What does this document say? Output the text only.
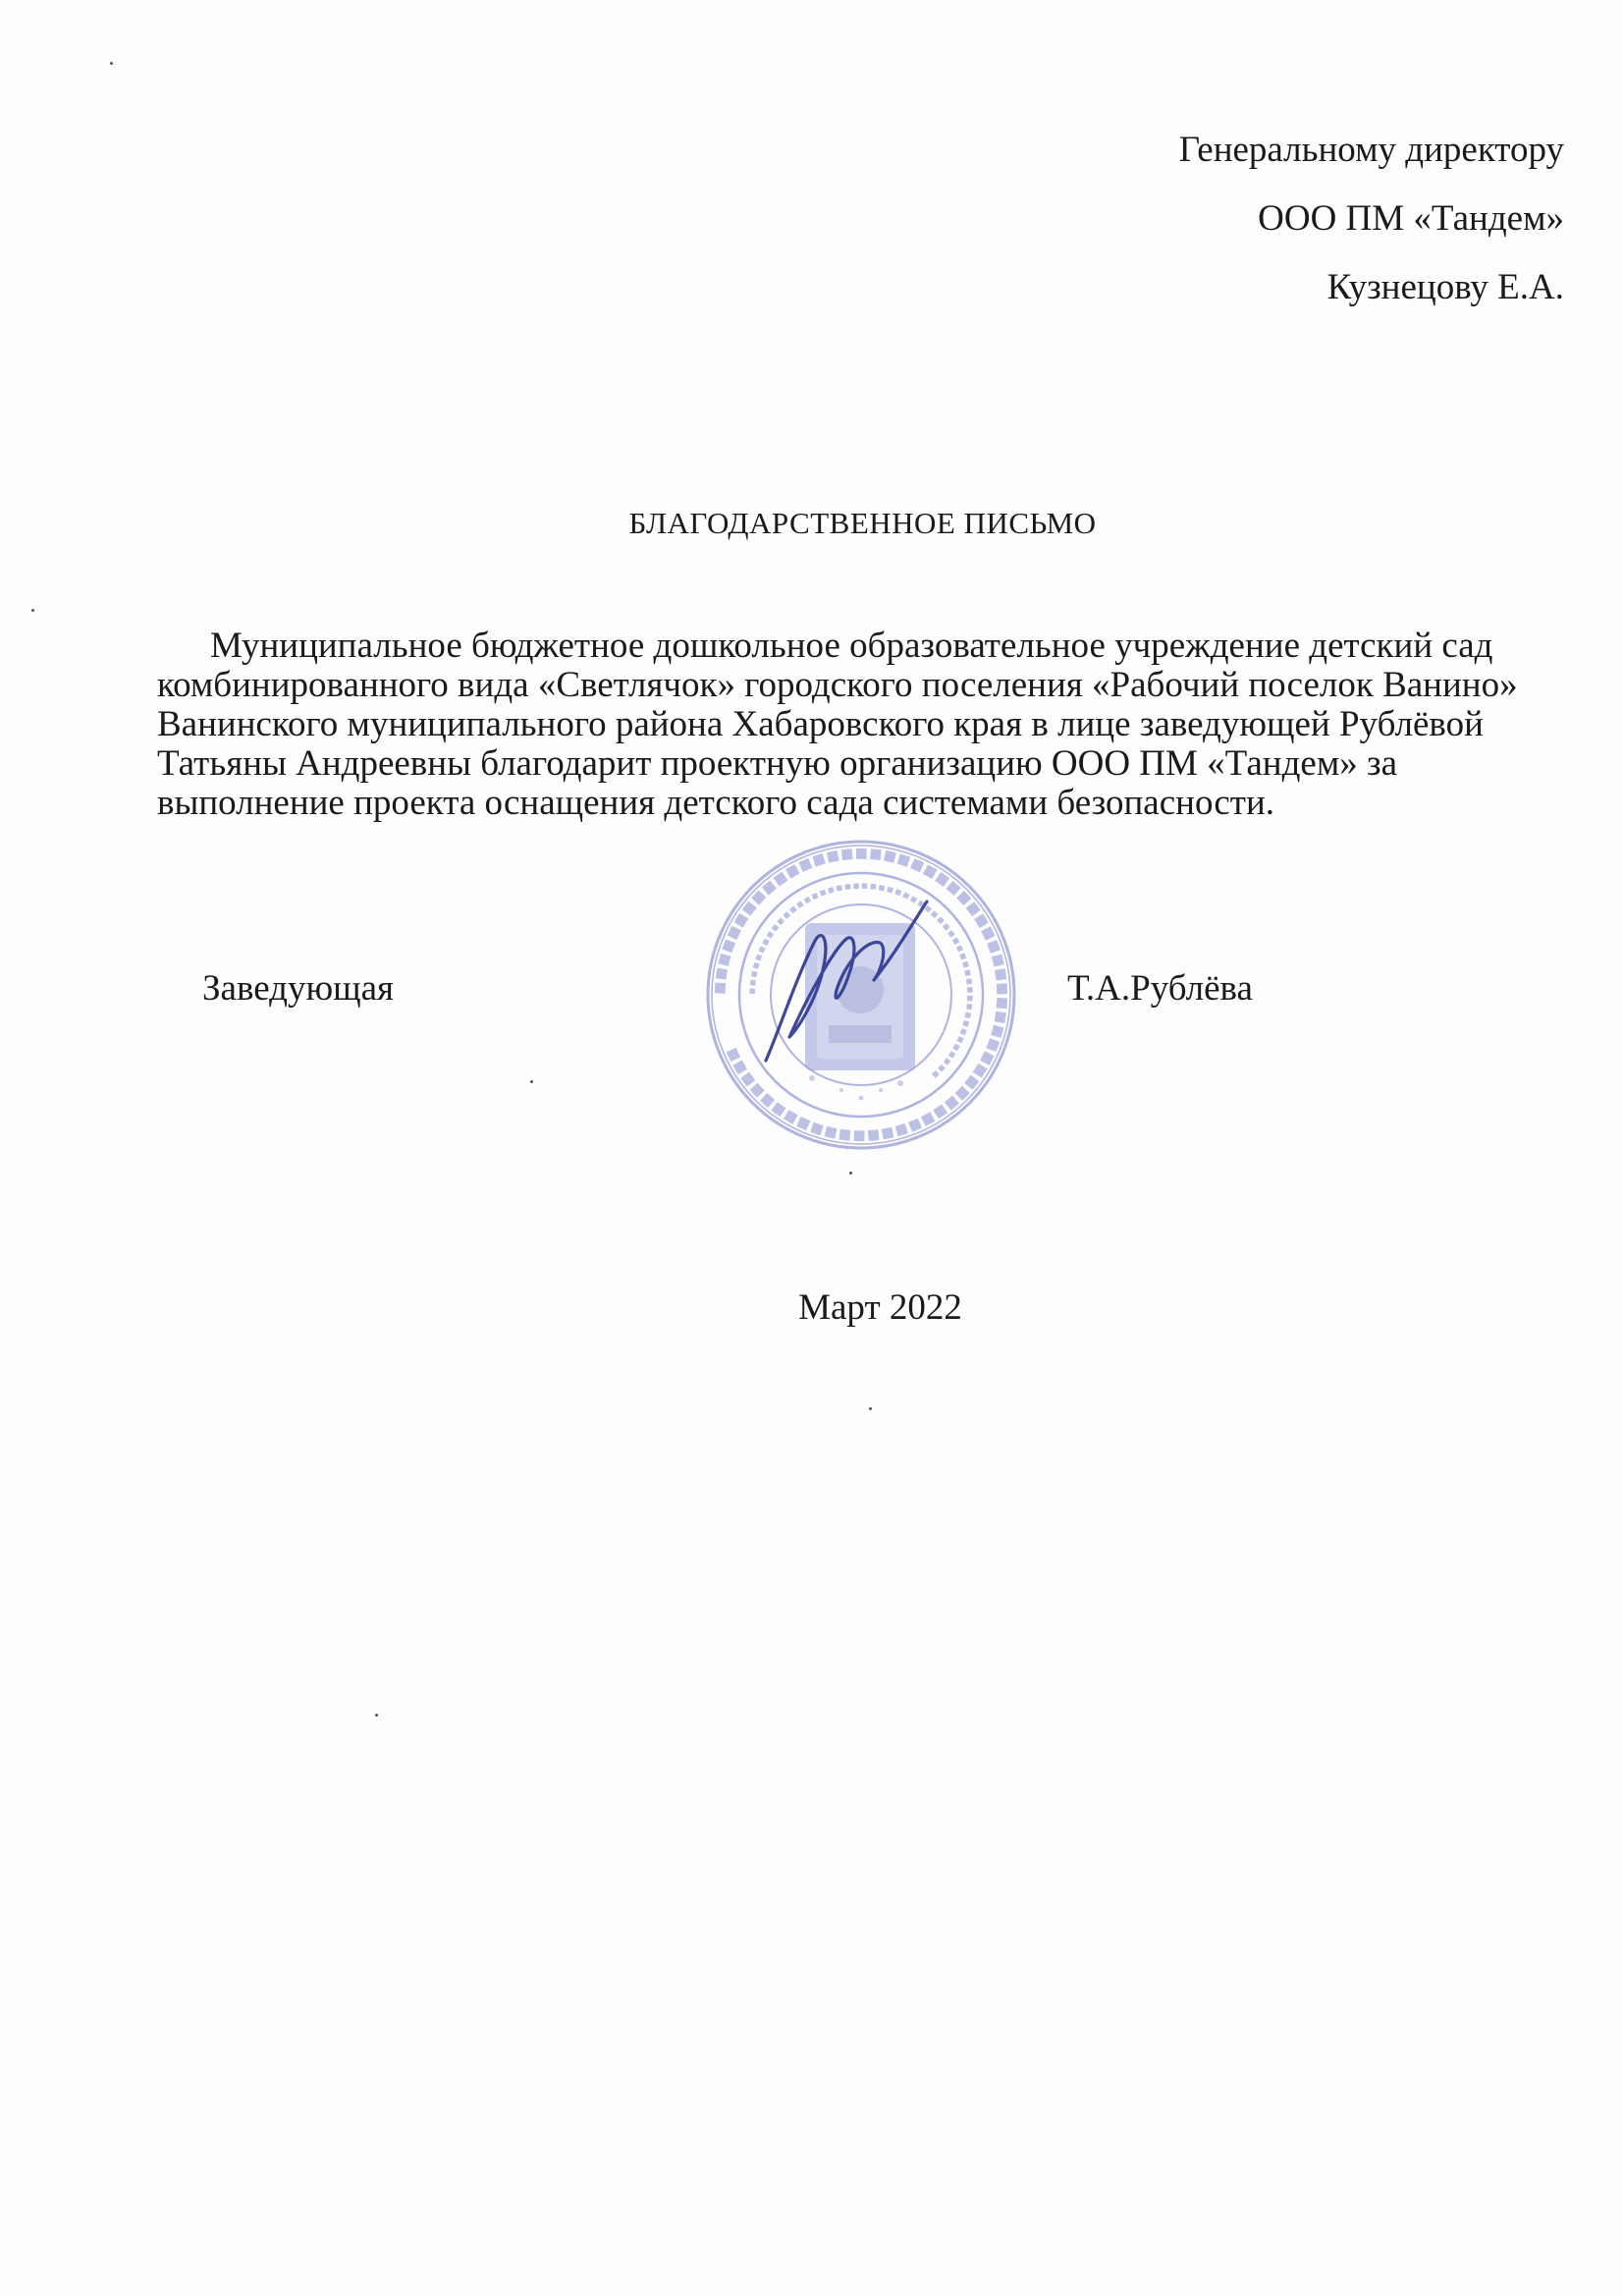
Генеральному директору
ООО ПМ «Тандем»
Кузнецову Е.А.
БЛАГОДАРСТВЕННОЕ ПИСЬМО

Муниципальное бюджетное дошкольное образовательное учреждение детский сад комбинированного вида «Светлячок» городского поселения «Рабочий поселок Ванино» Ванинского муниципального района Хабаровского края в лице заведующей Рублёвой Татьяны Андреевны благодарит проектную организацию ООО ПМ «Тандем» за выполнение проекта оснащения детского сада системами безопасности.

Заведующая	■■■■■■■■■■■■■■■■■■■■■■■■■■■■■■■■■■■■■■■■■■■■■■■■■■■■■■■■■■
▪▪▪▪▪▪▪▪▪▪▪▪▪▪▪▪▪▪▪▪▪▪▪▪▪▪▪▪▪▪▪▪▪▪▪▪▪▪▪▪▪▪▪▪▪▪▪▪▪▪▪
Т.А.Рублёва
Март 2022
